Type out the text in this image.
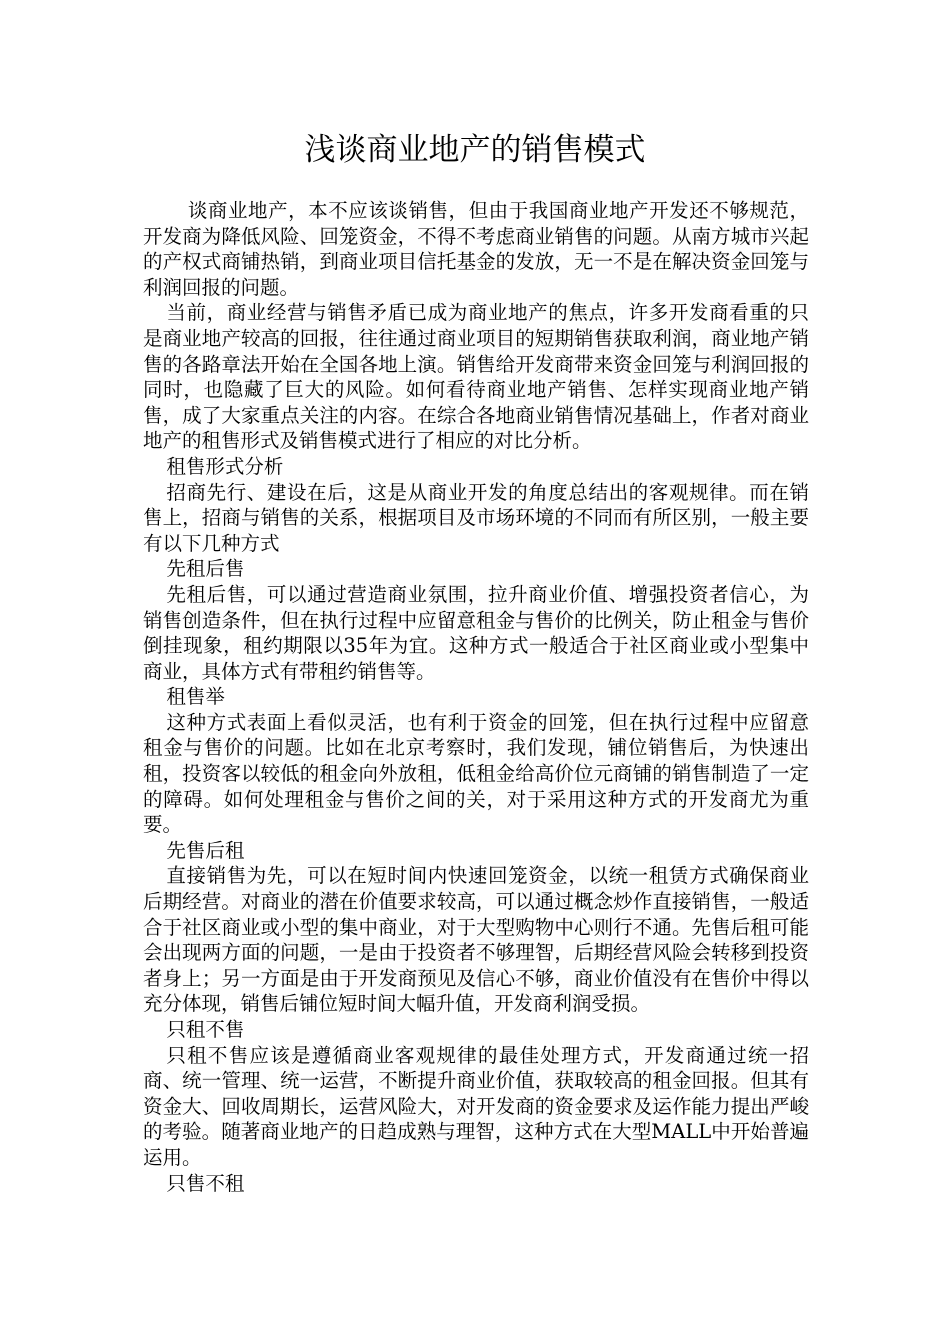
浅谈商业地产的销售模式

谈商业地产，本不应该谈销售，但由于我国商业地产开发还不够规范，开发商为降低风险、回笼资金，不得不考虑商业销售的问题。从南方城市兴起的产权式商铺热销，到商业项目信托基金的发放，无一不是在解决资金回笼与利润回报的问题。

当前，商业经营与销售矛盾已成为商业地产的焦点，许多开发商看重的只是商业地产较高的回报，往往通过商业项目的短期销售获取利润，商业地产销售的各路章法开始在全国各地上演。销售给开发商带来资金回笼与利润回报的同时，也隐藏了巨大的风险。如何看待商业地产销售、怎样实现商业地产销售，成了大家重点关注的内容。在综合各地商业销售情况基础上，作者对商业地产的租售形式及销售模式进行了相应的对比分析。

租售形式分析

招商先行、建设在后，这是从商业开发的角度总结出的客观规律。而在销售上，招商与销售的关系，根据项目及市场环境的不同而有所区别，一般主要有以下几种方式

先租后售

先租后售，可以通过营造商业氛围，拉升商业价值、增强投资者信心，为销售创造条件，但在执行过程中应留意租金与售价的比例关，防止租金与售价倒挂现象，租约期限以35年为宜。这种方式一般适合于社区商业或小型集中商业，具体方式有带租约销售等。

租售举

这种方式表面上看似灵活，也有利于资金的回笼，但在执行过程中应留意租金与售价的问题。比如在北京考察时，我们发现，铺位销售后，为快速出租，投资客以较低的租金向外放租，低租金给高价位元商铺的销售制造了一定的障碍。如何处理租金与售价之间的关，对于采用这种方式的开发商尤为重要。

先售后租

直接销售为先，可以在短时间内快速回笼资金，以统一租赁方式确保商业后期经营。对商业的潜在价值要求较高，可以通过概念炒作直接销售，一般适合于社区商业或小型的集中商业，对于大型购物中心则行不通。先售后租可能会出现两方面的问题，一是由于投资者不够理智，后期经营风险会转移到投资者身上；另一方面是由于开发商预见及信心不够，商业价值没有在售价中得以充分体现，销售后铺位短时间大幅升值，开发商利润受损。

只租不售

只租不售应该是遵循商业客观规律的最佳处理方式，开发商通过统一招商、统一管理、统一运营，不断提升商业价值，获取较高的租金回报。但其有资金大、回收周期长，运营风险大，对开发商的资金要求及运作能力提出严峻的考验。随著商业地产的日趋成熟与理智，这种方式在大型MALL中开始普遍运用。

只售不租
